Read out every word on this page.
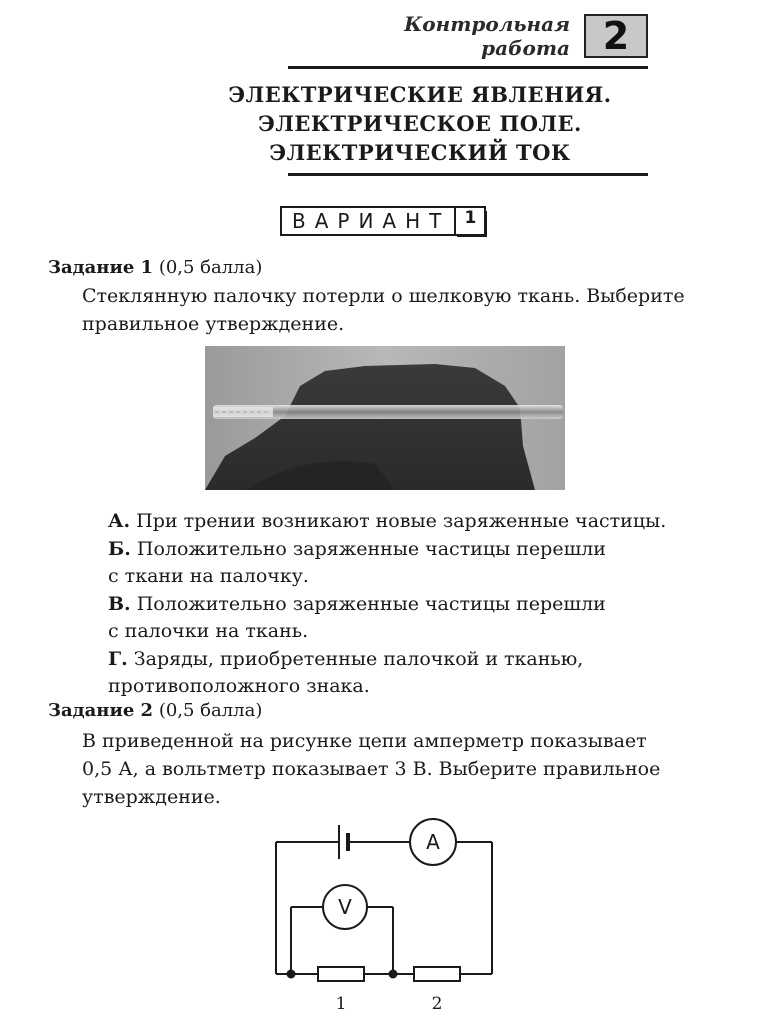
Контрольная
работа 2
ЭЛЕКТРИЧЕСКИЕ ЯВЛЕНИЯ.
ЭЛЕКТРИЧЕСКОЕ ПОЛЕ.
ЭЛЕКТРИЧЕСКИЙ ТОК
ВАРИАНТ 1
Задание 1 (0,5 балла)
Стеклянную палочку потерли о шелковую ткань. Выберите
правильное утверждение.
А. При трении возникают новые заряженные частицы.
Б. Положительно заряженные частицы перешли
с ткани на палочку.
В. Положительно заряженные частицы перешли
с палочки на ткань.
Г. Заряды, приобретенные палочкой и тканью,
противоположного знака.
Задание 2 (0,5 балла)
В приведенной на рисунке цепи амперметр показывает
0,5 А, а вольтметр показывает 3 В. Выберите правильное
утверждение.
A
V
1	2
